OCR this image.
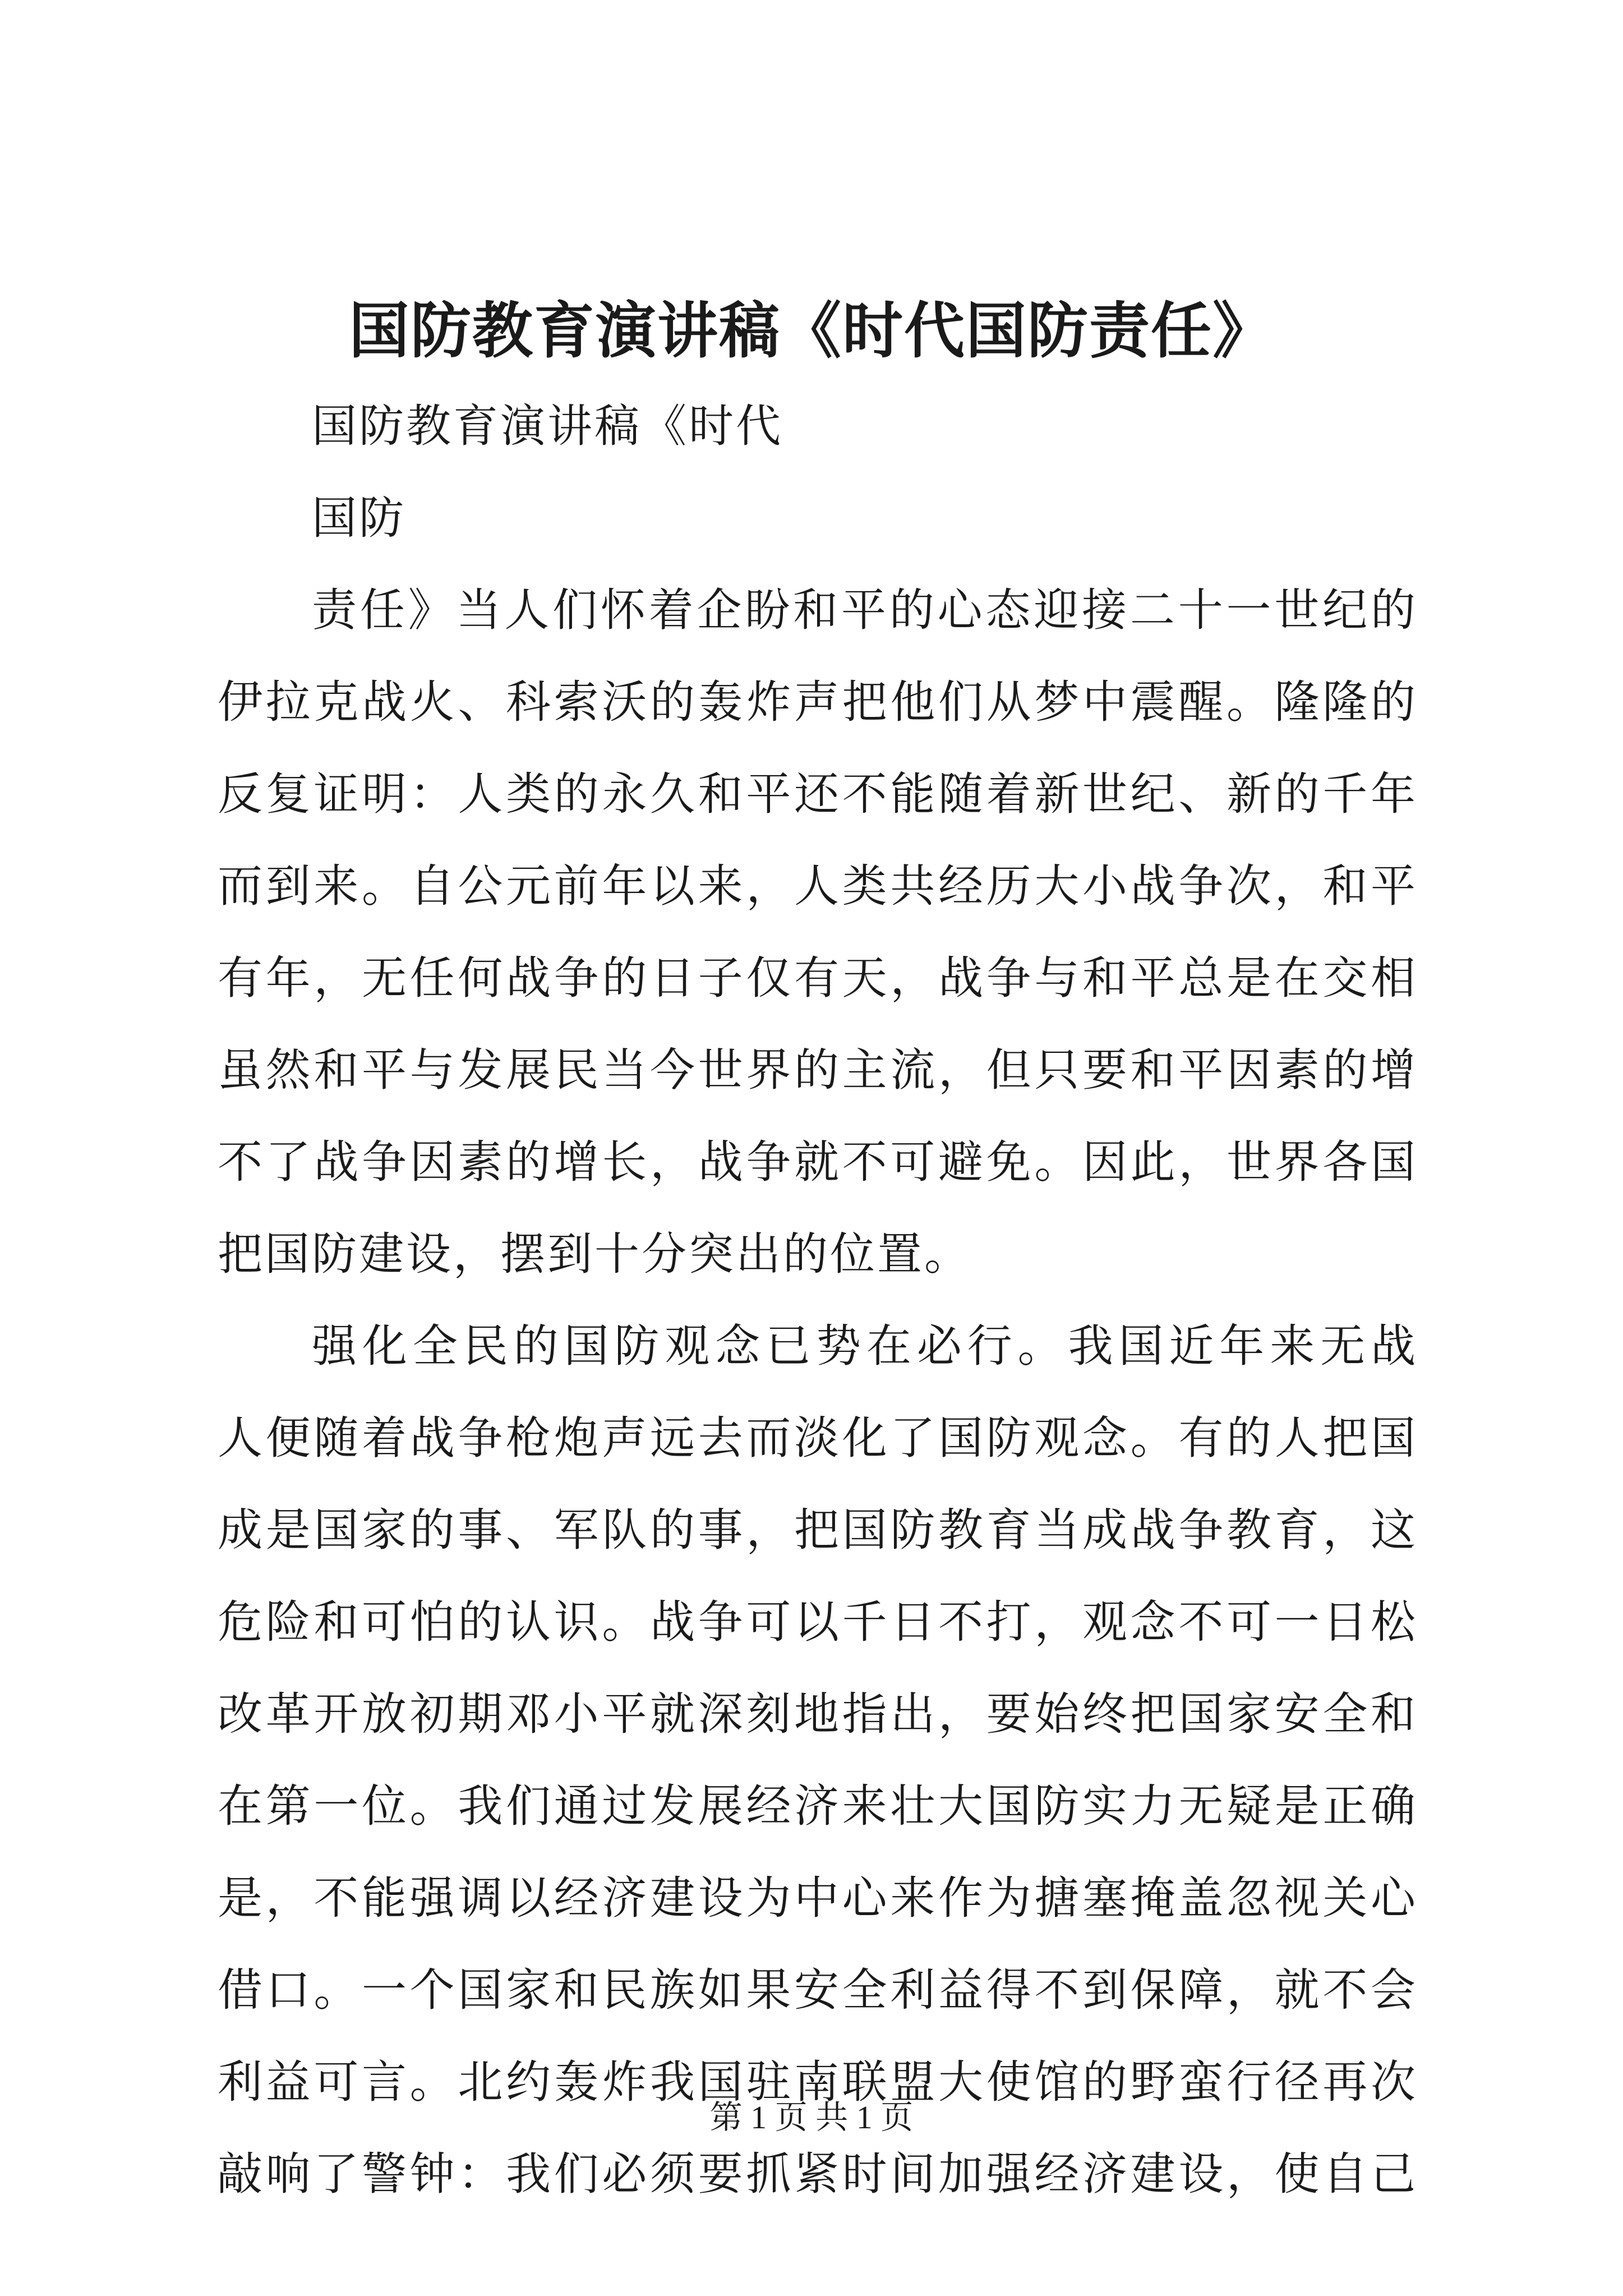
国防教育演讲稿《时代国防责任》
国防教育演讲稿《时代
国防
责任》当人们怀着企盼和平的心态迎接二十一世纪的
伊拉克战火、科索沃的轰炸声把他们从梦中震醒。隆隆的
反复证明：人类的永久和平还不能随着新世纪、新的千年
而到来。自公元前年以来，人类共经历大小战争次，和平
有年，无任何战争的日子仅有天，战争与和平总是在交相
虽然和平与发展民当今世界的主流，但只要和平因素的增
不了战争因素的增长，战争就不可避免。因此，世界各国
把国防建设，摆到十分突出的位置。
强化全民的国防观念已势在必行。我国近年来无战
人便随着战争枪炮声远去而淡化了国防观念。有的人把国
成是国家的事、军队的事，把国防教育当成战争教育，这
危险和可怕的认识。战争可以千日不打，观念不可一日松
改革开放初期邓小平就深刻地指出，要始终把国家安全和
在第一位。我们通过发展经济来壮大国防实力无疑是正确
是，不能强调以经济建设为中心来作为搪塞掩盖忽视关心
借口。一个国家和民族如果安全利益得不到保障，就不会
利益可言。北约轰炸我国驻南联盟大使馆的野蛮行径再次
敲响了警钟：我们必须要抓紧时间加强经济建设，使自己
第 1 页 共 1 页
